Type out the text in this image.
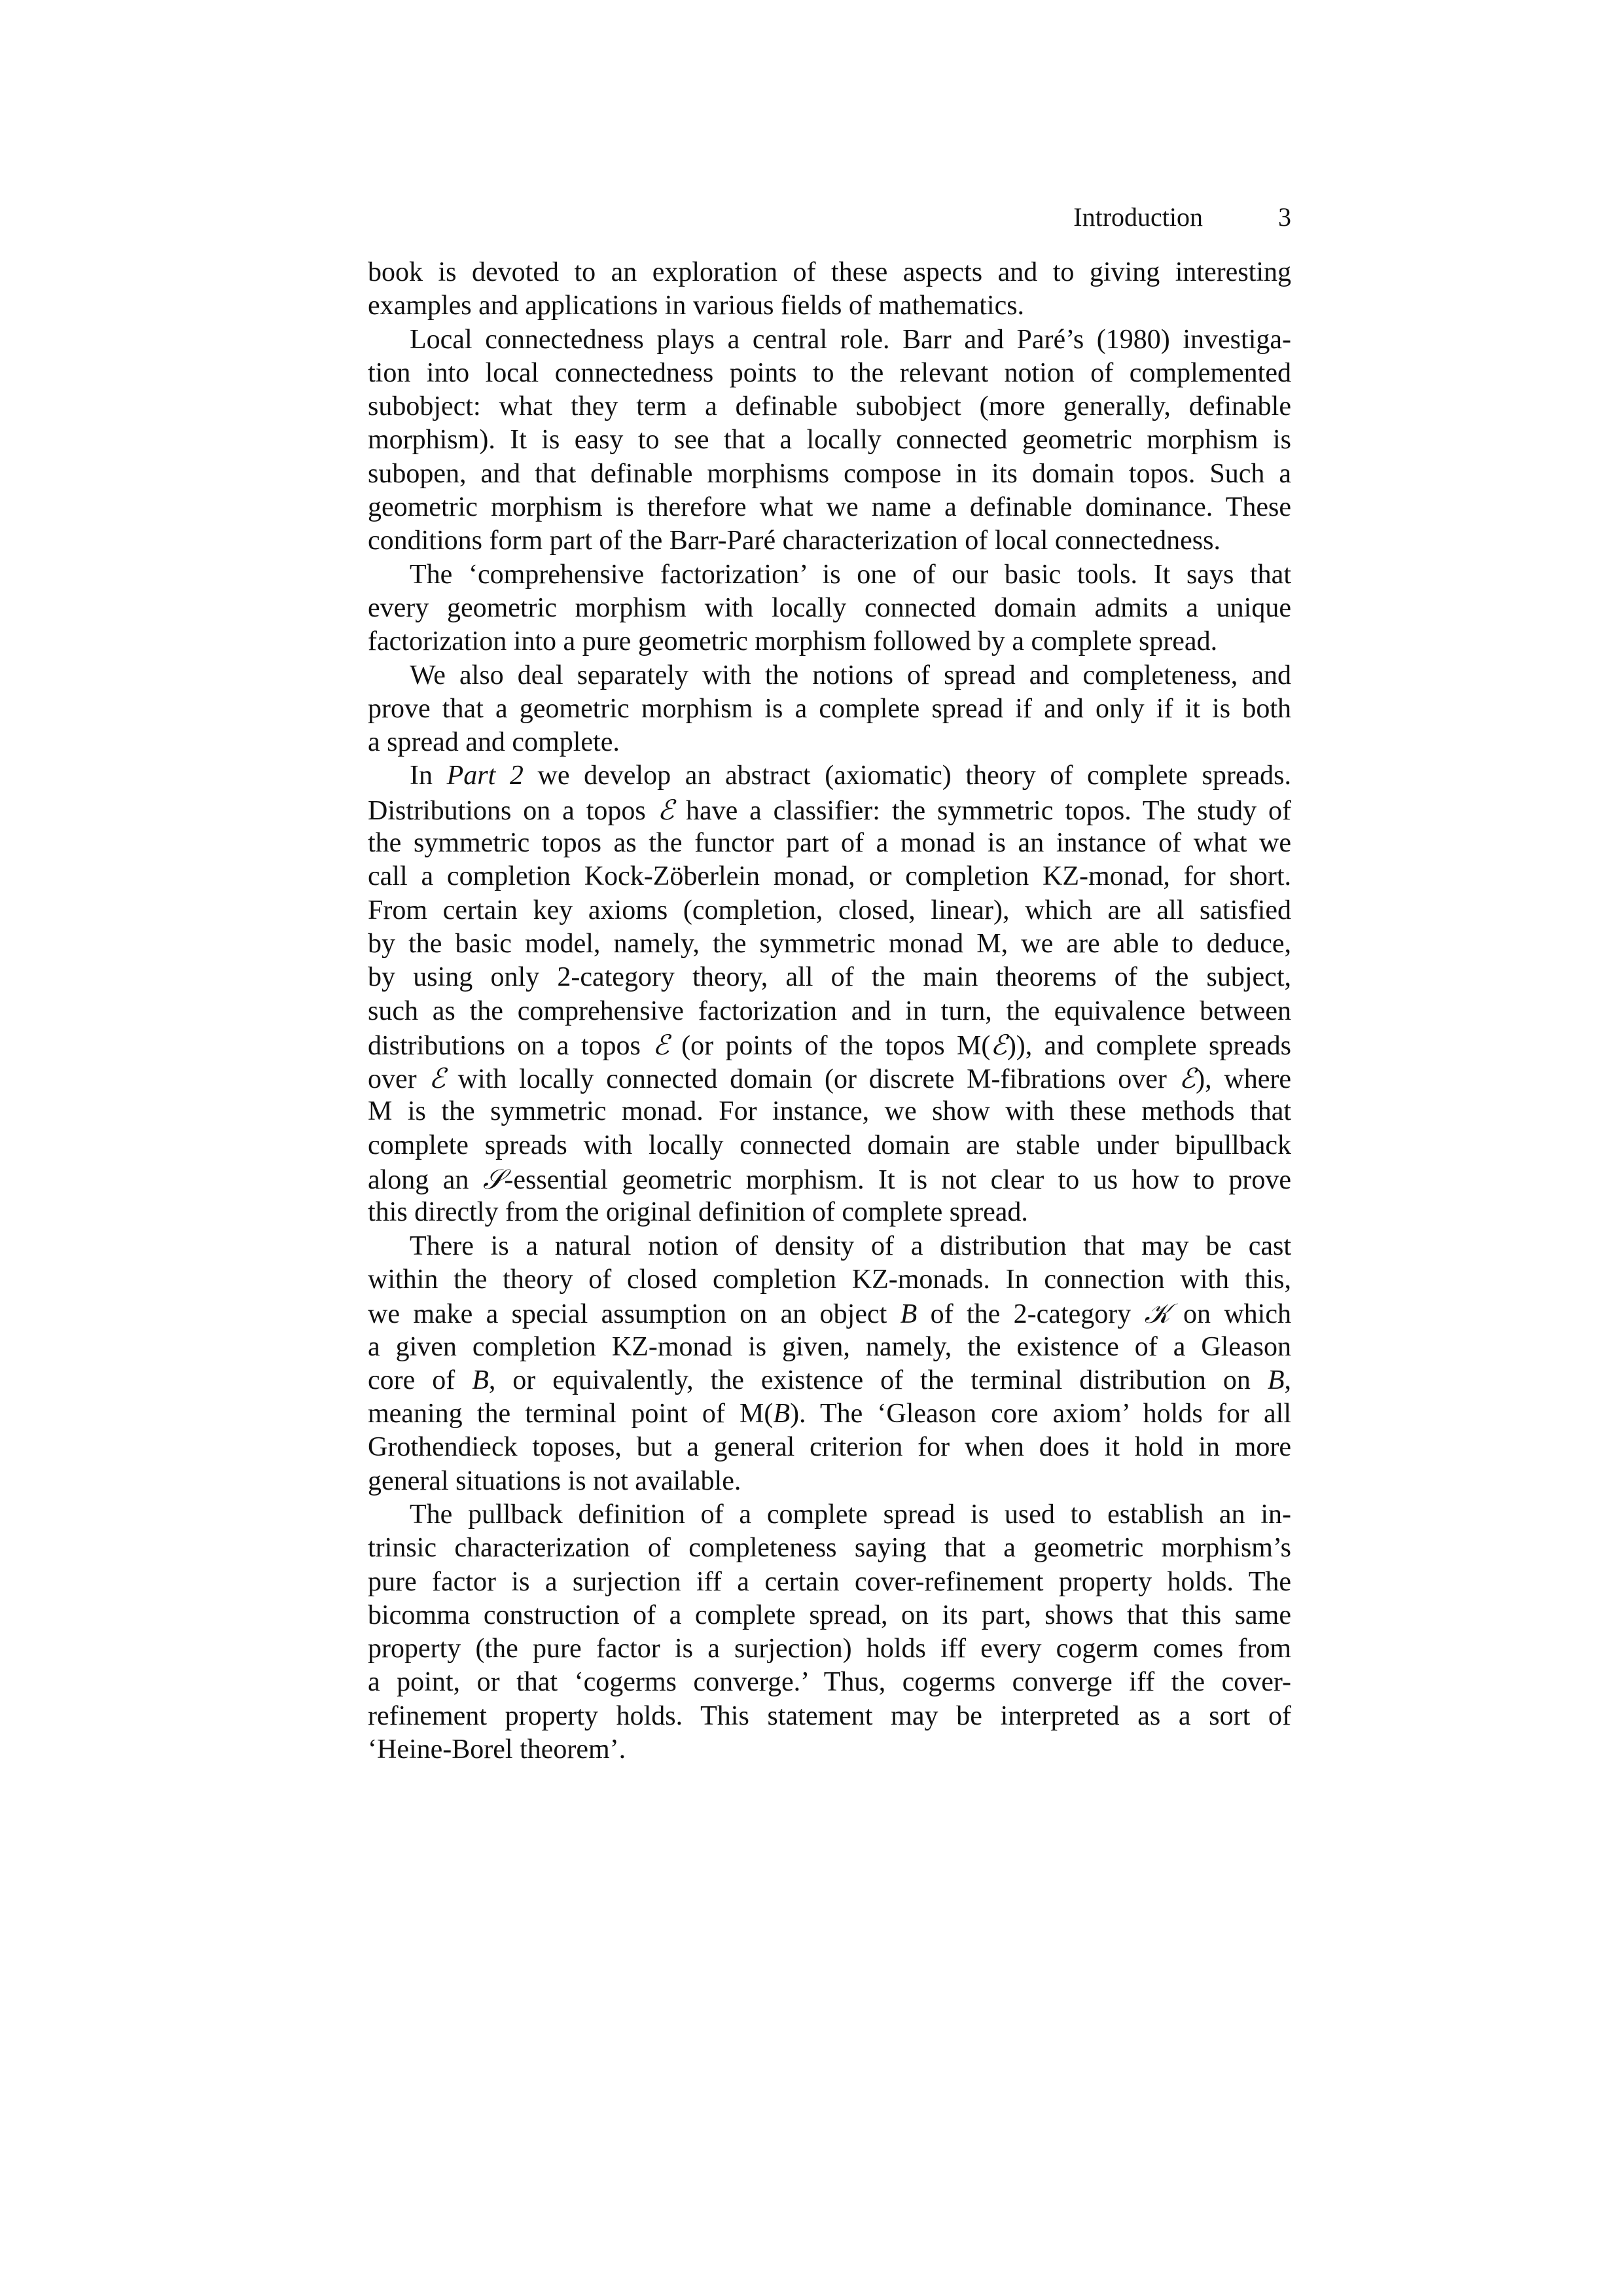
Introduction	3
book is devoted to an exploration of these aspects and to giving interesting
examples and applications in various fields of mathematics.
Local connectedness plays a central role. Barr and Paré’s (1980) investiga-
tion into local connectedness points to the relevant notion of complemented
subobject: what they term a definable subobject (more generally, definable
morphism). It is easy to see that a locally connected geometric morphism is
subopen, and that definable morphisms compose in its domain topos. Such a
geometric morphism is therefore what we name a definable dominance. These
conditions form part of the Barr-Paré characterization of local connectedness.
The ‘comprehensive factorization’ is one of our basic tools. It says that
every geometric morphism with locally connected domain admits a unique
factorization into a pure geometric morphism followed by a complete spread.
We also deal separately with the notions of spread and completeness, and
prove that a geometric morphism is a complete spread if and only if it is both
a spread and complete.
In Part 2 we develop an abstract (axiomatic) theory of complete spreads.
Distributions on a topos ℰ have a classifier: the symmetric topos. The study of
the symmetric topos as the functor part of a monad is an instance of what we
call a completion Kock-Zöberlein monad, or completion KZ-monad, for short.
From certain key axioms (completion, closed, linear), which are all satisfied
by the basic model, namely, the symmetric monad M, we are able to deduce,
by using only 2-category theory, all of the main theorems of the subject,
such as the comprehensive factorization and in turn, the equivalence between
distributions on a topos ℰ (or points of the topos M(ℰ)), and complete spreads
over ℰ with locally connected domain (or discrete M-fibrations over ℰ), where
M is the symmetric monad. For instance, we show with these methods that
complete spreads with locally connected domain are stable under bipullback
along an 𝒮-essential geometric morphism. It is not clear to us how to prove
this directly from the original definition of complete spread.
There is a natural notion of density of a distribution that may be cast
within the theory of closed completion KZ-monads. In connection with this,
we make a special assumption on an object B of the 2-category 𝒦 on which
a given completion KZ-monad is given, namely, the existence of a Gleason
core of B, or equivalently, the existence of the terminal distribution on B,
meaning the terminal point of M(B). The ‘Gleason core axiom’ holds for all
Grothendieck toposes, but a general criterion for when does it hold in more
general situations is not available.
The pullback definition of a complete spread is used to establish an in-
trinsic characterization of completeness saying that a geometric morphism’s
pure factor is a surjection iff a certain cover-refinement property holds. The
bicomma construction of a complete spread, on its part, shows that this same
property (the pure factor is a surjection) holds iff every cogerm comes from
a point, or that ‘cogerms converge.’ Thus, cogerms converge iff the cover-
refinement property holds. This statement may be interpreted as a sort of
‘Heine-Borel theorem’.
